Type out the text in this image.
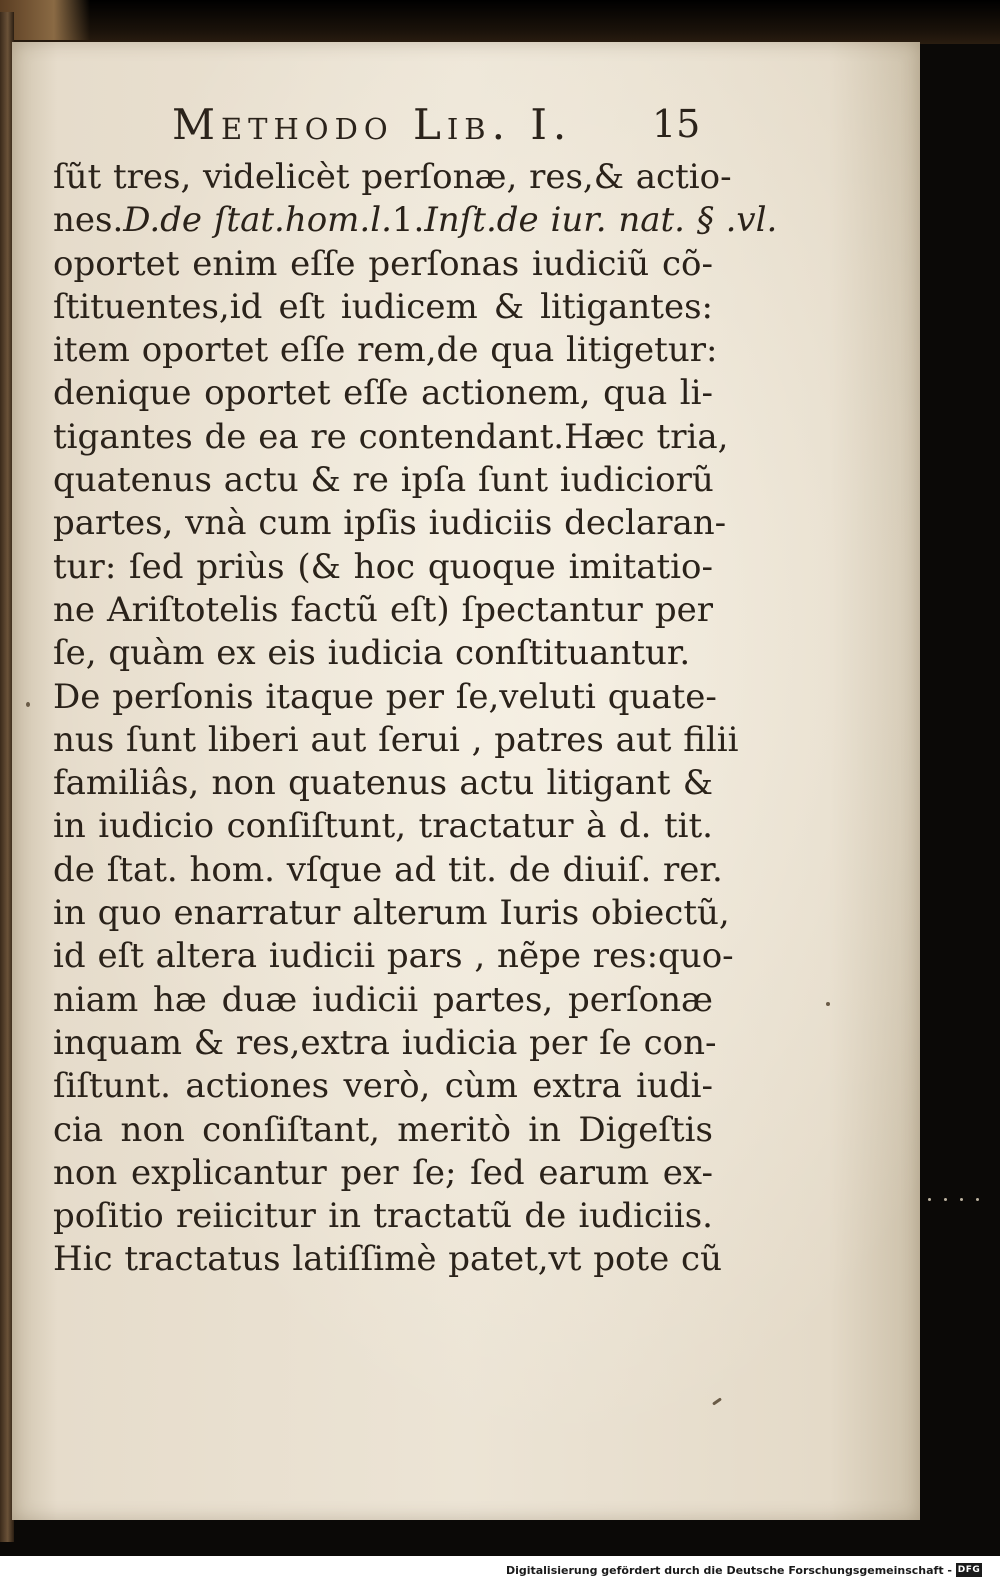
Methodo Lib. I. 15
ſũt tres, videlicèt perſonæ, res,& actio-
nes.D.de ſtat.hom.l.1.Inſt.de iur. nat. § .vl.
oportet enim eſſe perſonas iudiciũ cõ-
ſtituentes,id eſt iudicem & litigantes:
item oportet eſſe rem,de qua litigetur:
denique oportet eſſe actionem, qua li-
tigantes de ea re contendant.Hæc tria,
quatenus actu & re ipſa ſunt iudiciorũ
partes, vnà cum ipſis iudiciis declaran-
tur: ſed priùs (& hoc quoque imitatio-
ne Ariſtotelis factũ eſt) ſpectantur per
ſe, quàm ex eis iudicia conſtituantur.
De perſonis itaque per ſe,veluti quate-
nus ſunt liberi aut ſerui , patres aut filii
familiâs, non quatenus actu litigant &
in iudicio conſiſtunt, tractatur à d. tit.
de ſtat. hom. vſque ad tit. de diuiſ. rer.
in quo enarratur alterum Iuris obiectũ,
id eſt altera iudicii pars , nẽpe res:quo-
niam hæ duæ iudicii partes, perſonæ
inquam & res,extra iudicia per ſe con-
ſiſtunt. actiones verò, cùm extra iudi-
cia non conſiſtant, meritò in Digeſtis
non explicantur per ſe; ſed earum ex-
poſitio reiicitur in tractatũ de iudiciis.
Hic tractatus latiſſimè patet,vt pote cũ
Digitalisierung gefördert durch die Deutsche Forschungsgemeinschaft - DFG
